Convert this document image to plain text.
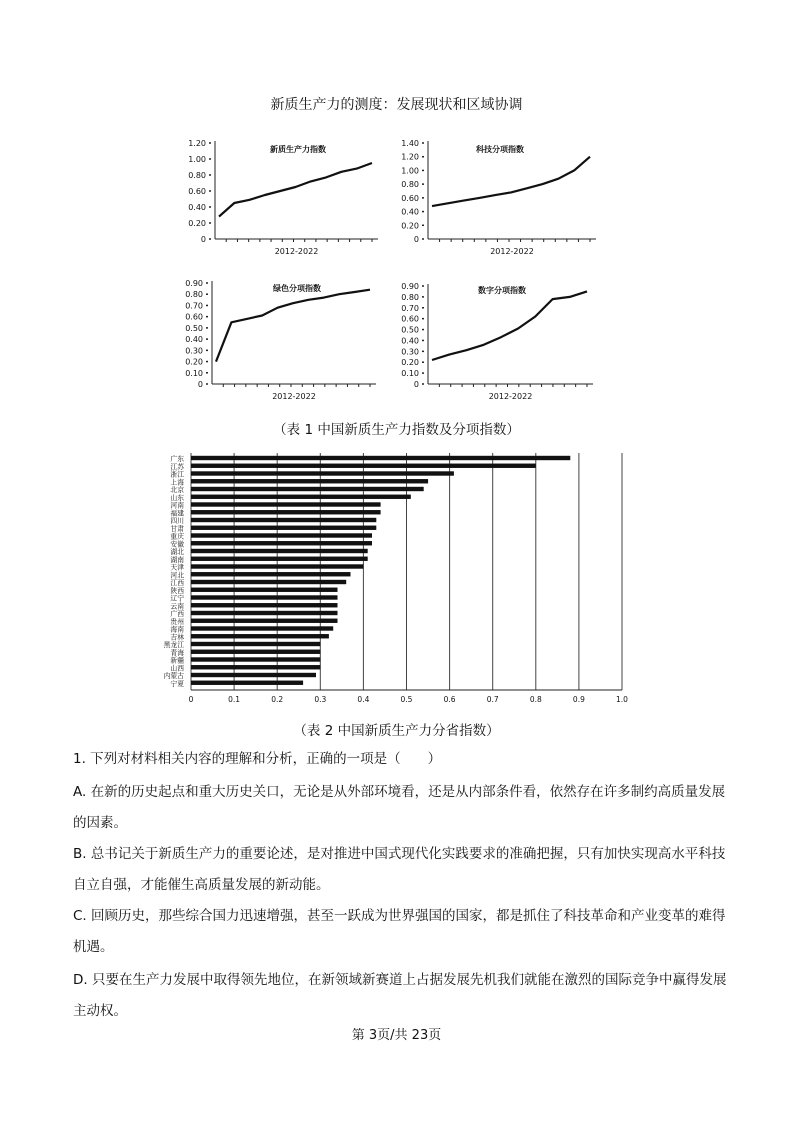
新质生产力的测度：发展现状和区域协调
0
0.20
0.40
0.60
0.80
1.00
1.20
新质生产力指数
2012-2022
0
0.20
0.40
0.60
0.80
1.00
1.20
1.40
科技分项指数
2012-2022
0
0.10
0.20
0.30
0.40
0.50
0.60
0.70
0.80
0.90
绿色分项指数
2012-2022
0
0.10
0.20
0.30
0.40
0.50
0.60
0.70
0.80
0.90	数字分项指数
2012-2022
0	0.1	0.2	0.3	0.4	0.5	0.6	0.7	0.8	0.9	1.0
广东
江苏
浙江
上海
北京
山东
河南
福建
四川
甘肃
重庆
安徽
湖北
湖南
天津
河北
江西
陕西
辽宁
云南
广西
贵州
海南
吉林
黑龙江
青海
新疆
山西
内蒙古
宁夏
（表 1 中国新质生产力指数及分项指数）
（表 2 中国新质生产力分省指数）
1. 下列对材料相关内容的理解和分析，正确的一项是（　　）
A. 在新的历史起点和重大历史关口，无论是从外部环境看，还是从内部条件看，依然存在许多制约高质量发展的因素。
B. 总书记关于新质生产力的重要论述，是对推进中国式现代化实践要求的准确把握，只有加快实现高水平科技自立自强，才能催生高质量发展的新动能。
C. 回顾历史，那些综合国力迅速增强，甚至一跃成为世界强国的国家，都是抓住了科技革命和产业变革的难得机遇。
D. 只要在生产力发展中取得领先地位，在新领域新赛道上占据发展先机我们就能在激烈的国际竞争中赢得发展主动权。
第 3页/共 23页
